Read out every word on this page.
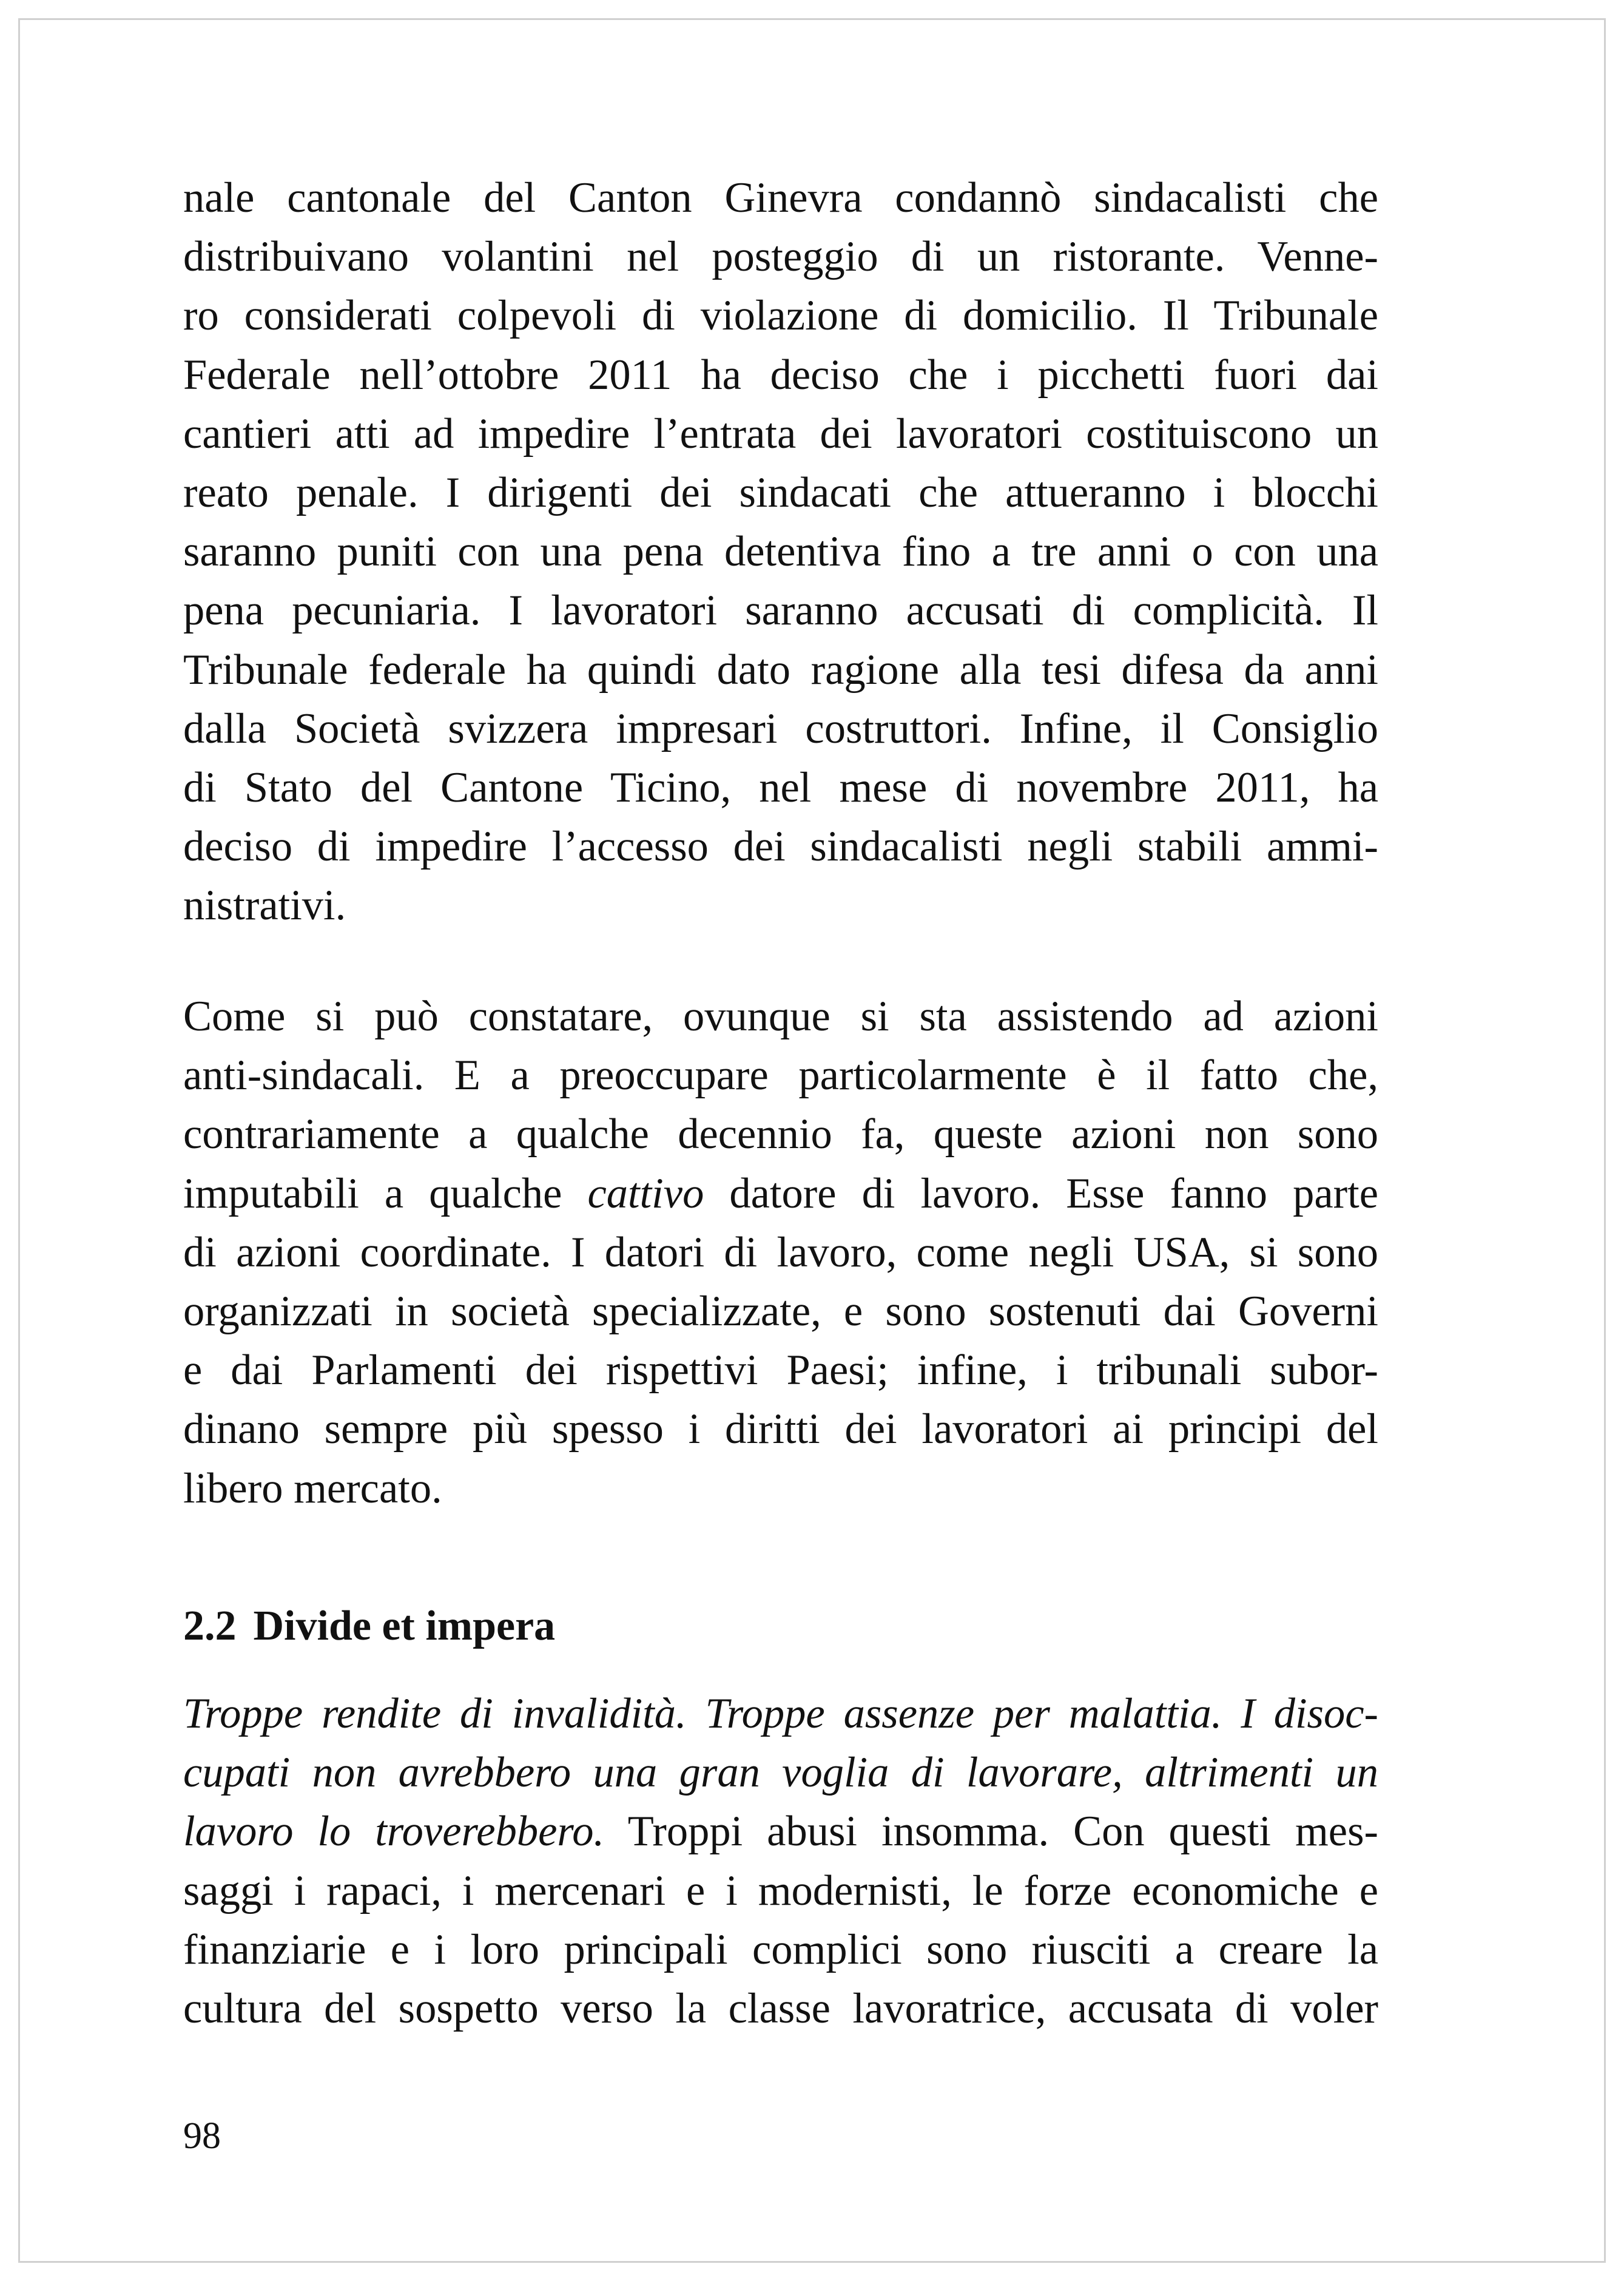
nale cantonale del Canton Ginevra condannò sindacalisti che
distribuivano volantini nel posteggio di un ristorante. Venne-
ro considerati colpevoli di violazione di domicilio. Il Tribunale
Federale nell’ottobre 2011 ha deciso che i picchetti fuori dai
cantieri atti ad impedire l’entrata dei lavoratori costituiscono un
reato penale. I dirigenti dei sindacati che attueranno i blocchi
saranno puniti con una pena detentiva fino a tre anni o con una
pena pecuniaria. I lavoratori saranno accusati di complicità. Il
Tribunale federale ha quindi dato ragione alla tesi difesa da anni
dalla Società svizzera impresari costruttori. Infine, il Consiglio
di Stato del Cantone Ticino, nel mese di novembre 2011, ha
deciso di impedire l’accesso dei sindacalisti negli stabili ammi-
nistrativi.
Come si può constatare, ovunque si sta assistendo ad azioni
anti-sindacali. E a preoccupare particolarmente è il fatto che,
contrariamente a qualche decennio fa, queste azioni non sono
imputabili a qualche cattivo datore di lavoro. Esse fanno parte
di azioni coordinate. I datori di lavoro, come negli USA, si sono
organizzati in società specializzate, e sono sostenuti dai Governi
e dai Parlamenti dei rispettivi Paesi; infine, i tribunali subor-
dinano sempre più spesso i diritti dei lavoratori ai principi del
libero mercato.
2.2 Divide et impera
Troppe rendite di invalidità. Troppe assenze per malattia. I disoc-
cupati non avrebbero una gran voglia di lavorare, altrimenti un
lavoro lo troverebbero. Troppi abusi insomma. Con questi mes-
saggi i rapaci, i mercenari e i modernisti, le forze economiche e
finanziarie e i loro principali complici sono riusciti a creare la
cultura del sospetto verso la classe lavoratrice, accusata di voler
98
